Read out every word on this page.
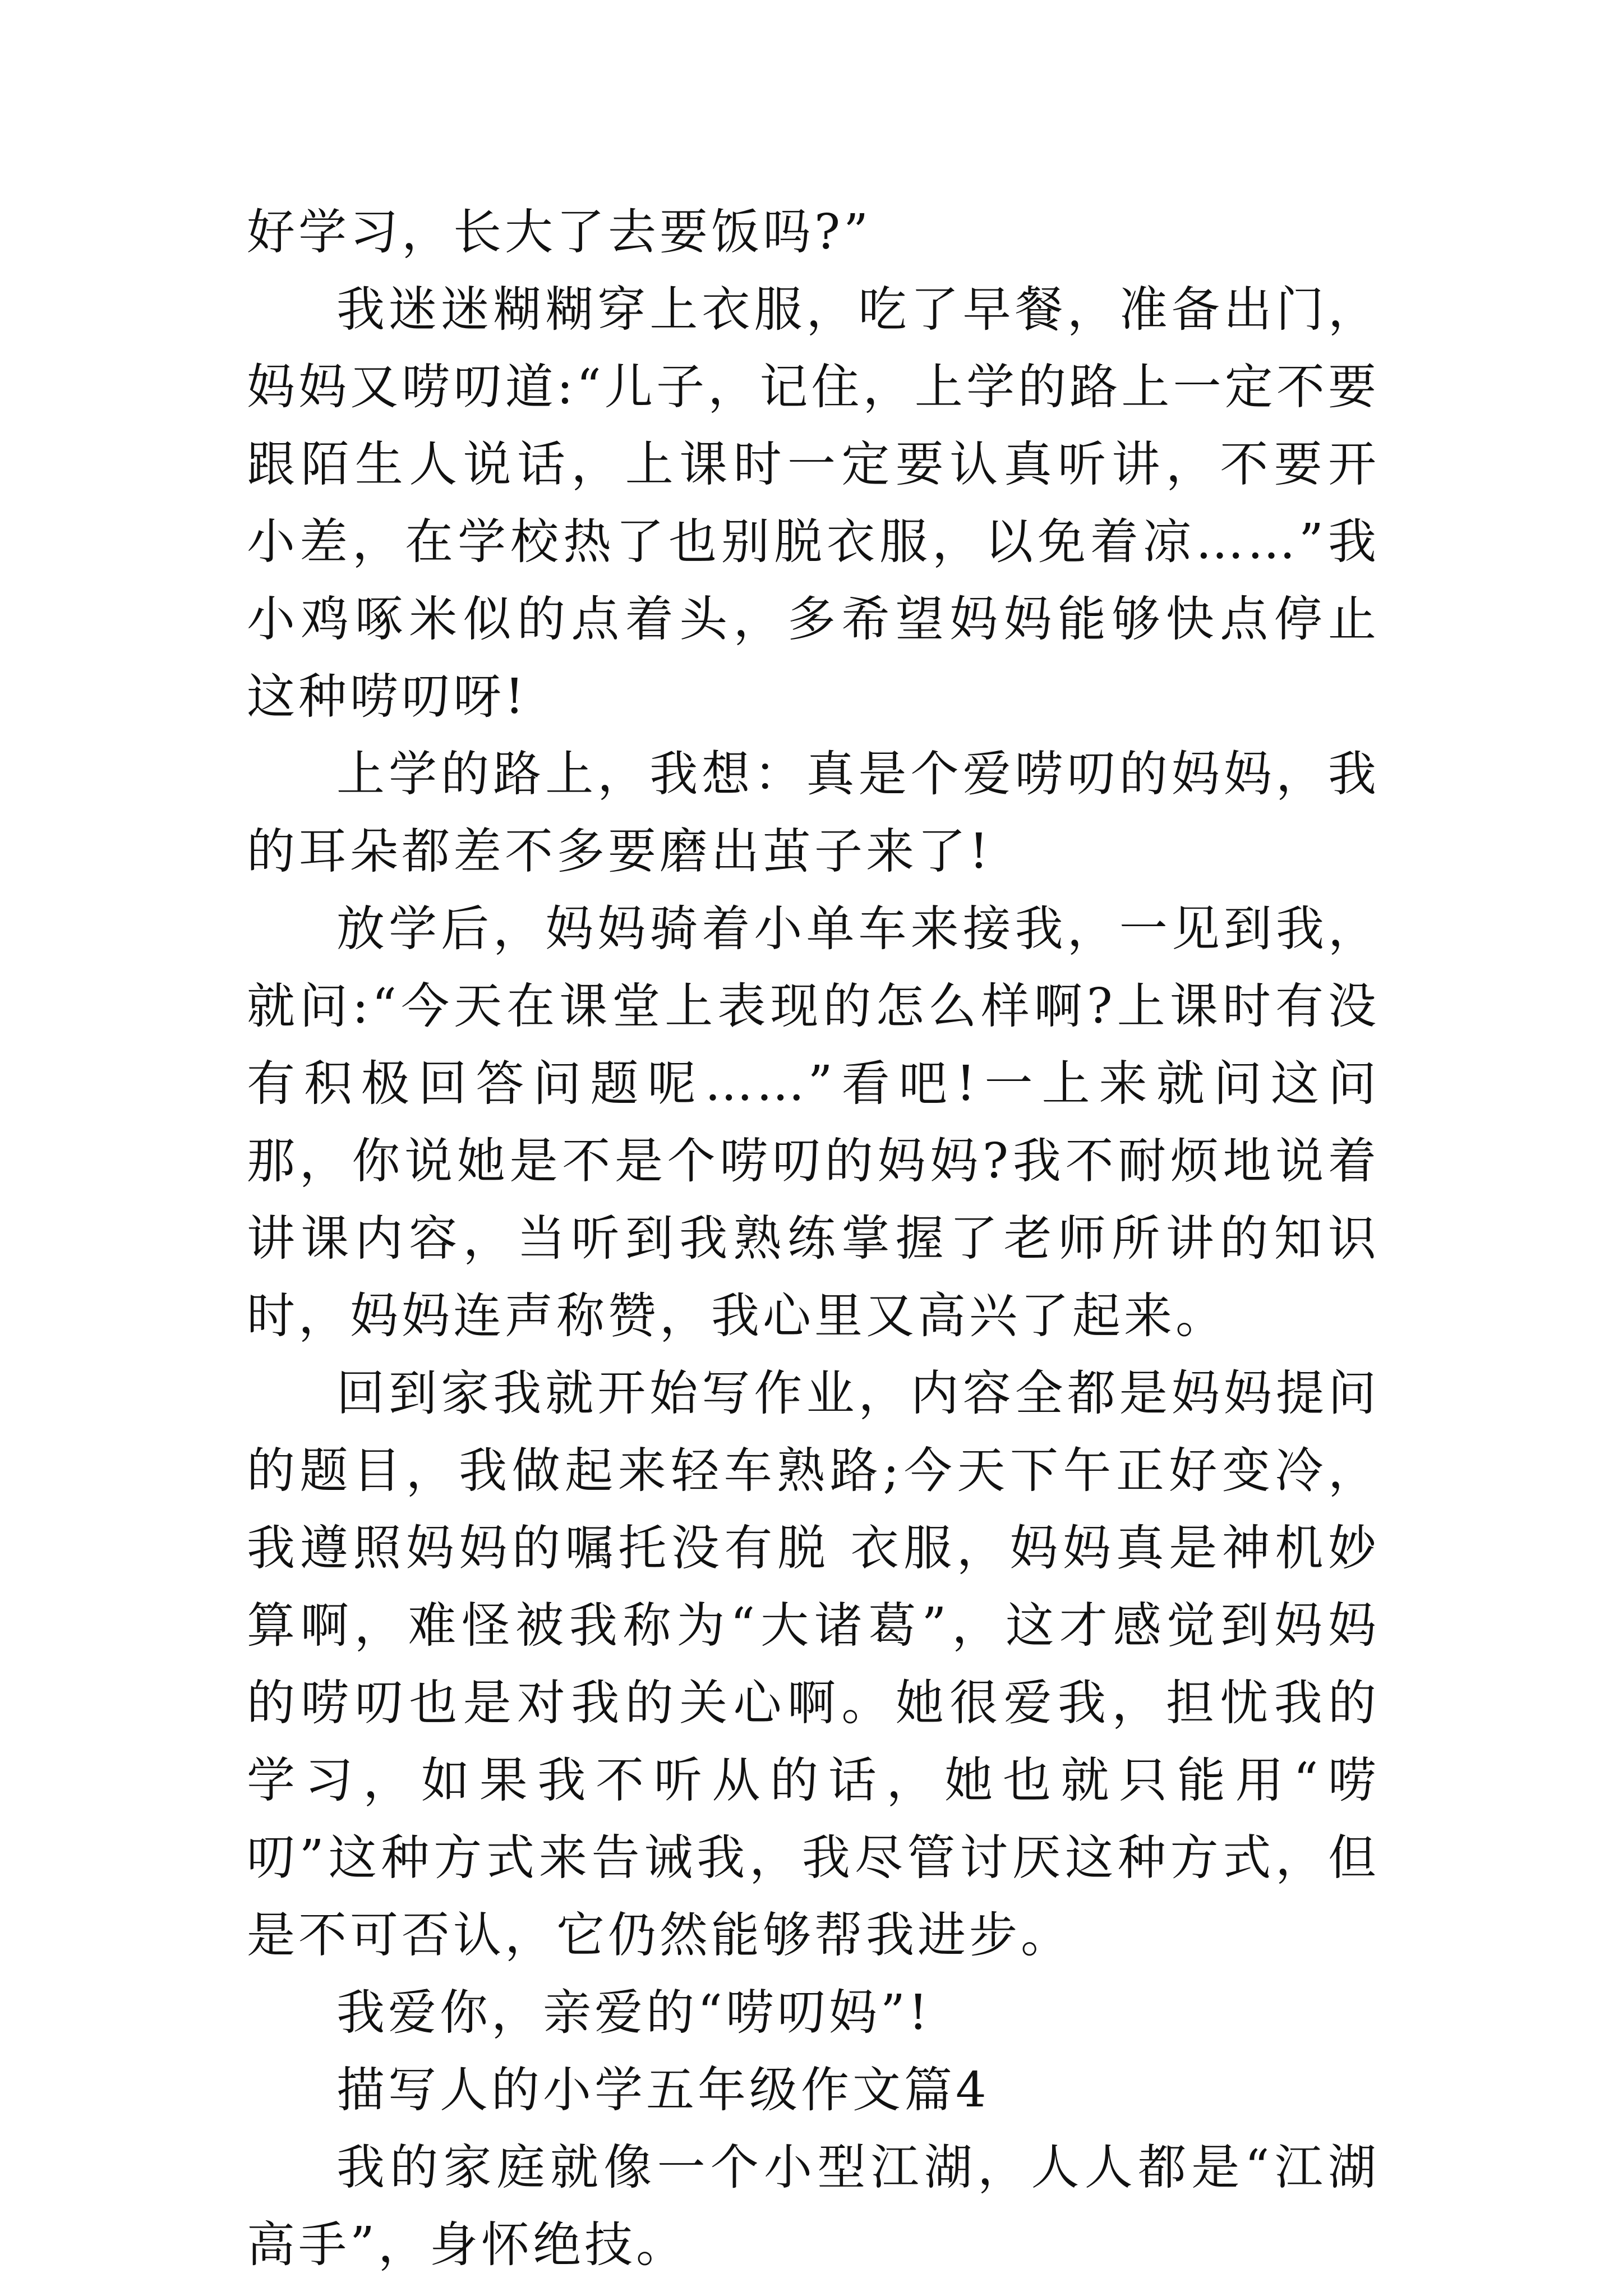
好学习，长大了去要饭吗?”

我迷迷糊糊穿上衣服，吃了早餐，准备出门，妈妈又唠叨道:“儿子，记住，上学的路上一定不要跟陌生人说话，上课时一定要认真听讲，不要开小差，在学校热了也别脱衣服，以免着凉……”我小鸡啄米似的点着头，多希望妈妈能够快点停止这种唠叨呀!

上学的路上，我想：真是个爱唠叨的妈妈，我的耳朵都差不多要磨出茧子来了!

放学后，妈妈骑着小单车来接我，一见到我，就问:“今天在课堂上表现的怎么样啊?上课时有没有积极回答问题呢……”看吧!一上来就问这问那，你说她是不是个唠叨的妈妈?我不耐烦地说着讲课内容，当听到我熟练掌握了老师所讲的知识时，妈妈连声称赞，我心里又高兴了起来。

回到家我就开始写作业，内容全都是妈妈提问的题目，我做起来轻车熟路;今天下午正好变冷，我遵照妈妈的嘱托没有脱 衣服，妈妈真是神机妙算啊，难怪被我称为“大诸葛”，这才感觉到妈妈的唠叨也是对我的关心啊。她很爱我，担忧我的学习，如果我不听从的话，她也就只能用“唠叨”这种方式来告诫我，我尽管讨厌这种方式，但是不可否认，它仍然能够帮我进步。

我爱你，亲爱的“唠叨妈”!

描写人的小学五年级作文篇4

我的家庭就像一个小型江湖，人人都是“江湖高手”，身怀绝技。
